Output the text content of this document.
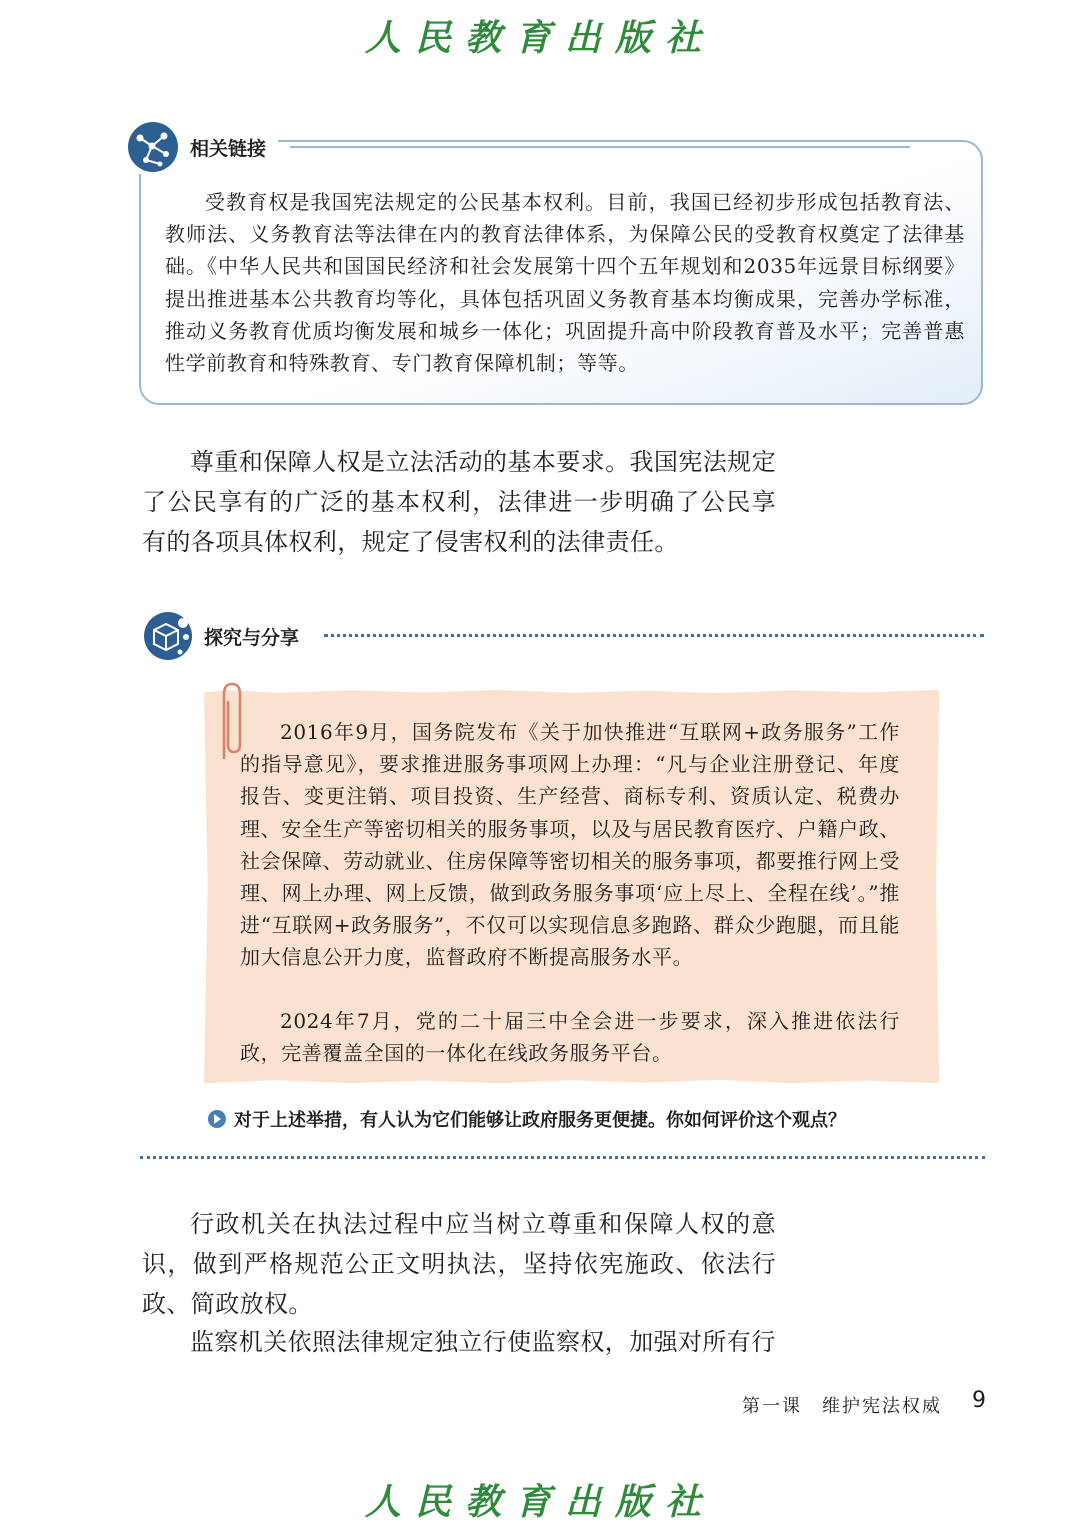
人民教育出版社
相关链接
受教育权是我国宪法规定的公民基本权利。目前，我国已经初步形成包括教育法、教师法、义务教育法等法律在内的教育法律体系，为保障公民的受教育权奠定了法律基础。《中华人民共和国国民经济和社会发展第十四个五年规划和2035年远景目标纲要》提出推进基本公共教育均等化，具体包括巩固义务教育基本均衡成果，完善办学标准，推动义务教育优质均衡发展和城乡一体化；巩固提升高中阶段教育普及水平；完善普惠性学前教育和特殊教育、专门教育保障机制；等等。
尊重和保障人权是立法活动的基本要求。我国宪法规定了公民享有的广泛的基本权利，法律进一步明确了公民享有的各项具体权利，规定了侵害权利的法律责任。
探究与分享
2016年9月，国务院发布《关于加快推进“互联网+政务服务”工作的指导意见》，要求推进服务事项网上办理：“凡与企业注册登记、年度报告、变更注销、项目投资、生产经营、商标专利、资质认定、税费办理、安全生产等密切相关的服务事项，以及与居民教育医疗、户籍户政、社会保障、劳动就业、住房保障等密切相关的服务事项，都要推行网上受理、网上办理、网上反馈，做到政务服务事项‘应上尽上、全程在线’。”推进“互联网+政务服务”，不仅可以实现信息多跑路、群众少跑腿，而且能加大信息公开力度，监督政府不断提高服务水平。
2024年7月，党的二十届三中全会进一步要求，深入推进依法行政，完善覆盖全国的一体化在线政务服务平台。
对于上述举措，有人认为它们能够让政府服务更便捷。你如何评价这个观点？
行政机关在执法过程中应当树立尊重和保障人权的意识，做到严格规范公正文明执法，坚持依宪施政、依法行政、简政放权。
监察机关依照法律规定独立行使监察权，加强对所有行
第一课　维护宪法权威 9
人民教育出版社
